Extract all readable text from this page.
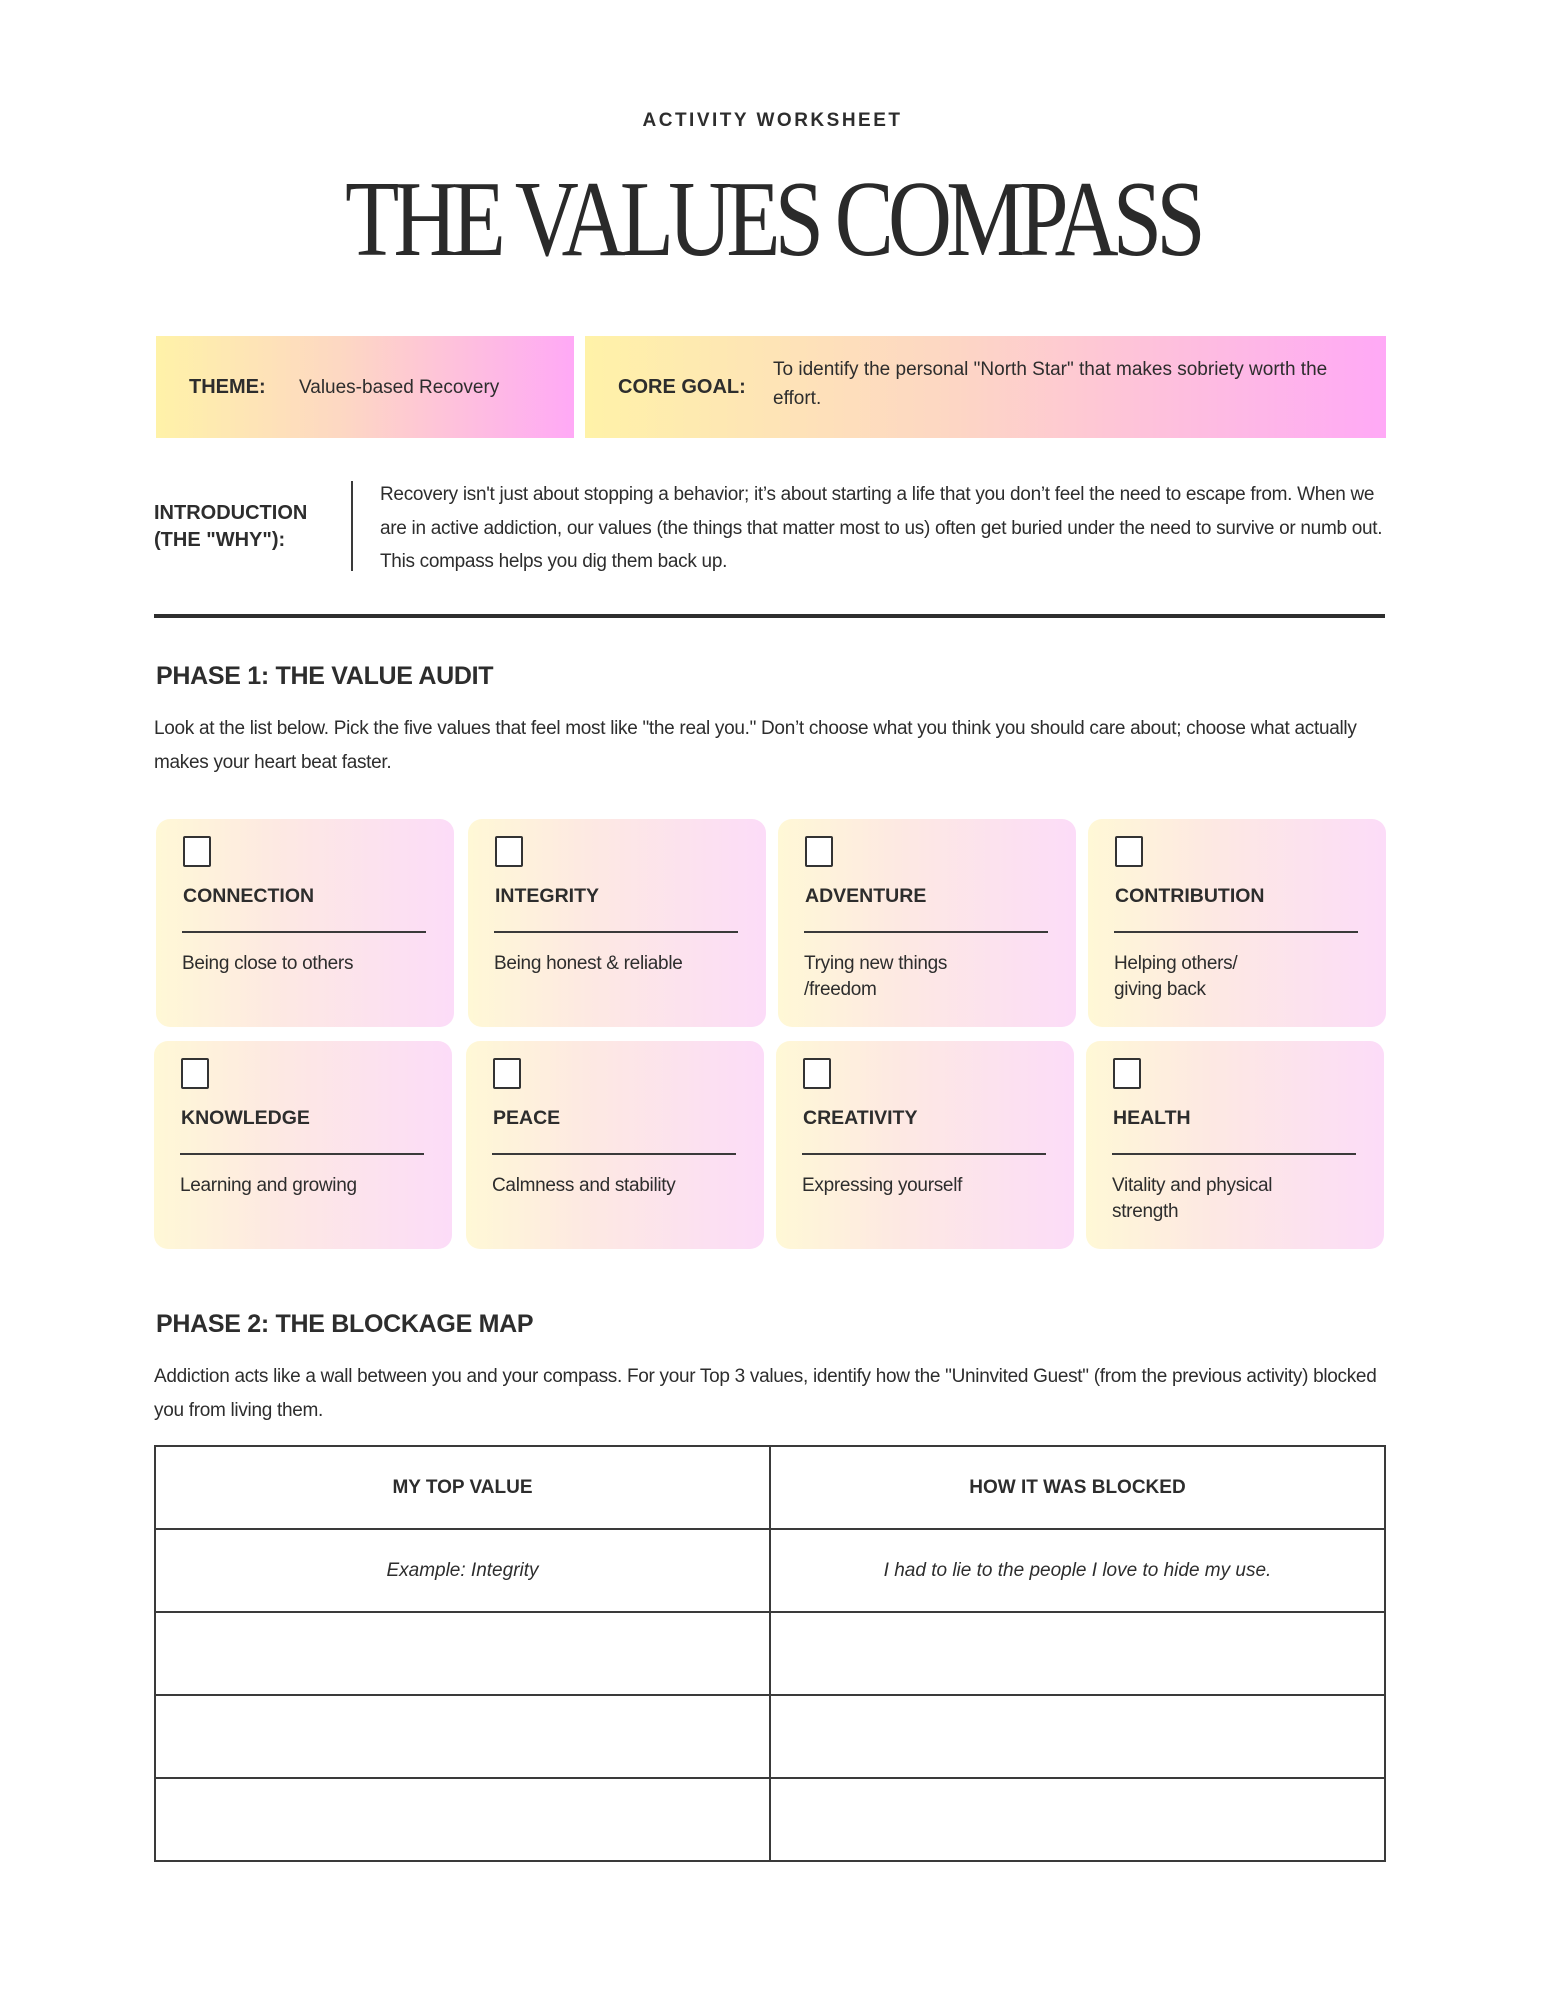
ACTIVITY WORKSHEET
THE VALUES COMPASS
THEME:	Values-based Recovery	CORE GOAL:
To identify the personal "North Star" that makes sobriety worth the effort.
INTRODUCTION
(THE "WHY"):

Recovery isn't just about stopping a behavior; it’s about starting a life that you don’t feel the need to escape from. When we are in active addiction, our values (the things that matter most to us) often get buried under the need to survive or numb out. This compass helps you dig them back up.

PHASE 1: THE VALUE AUDIT

Look at the list below. Pick the five values that feel most like "the real you." Don’t choose what you think you should care about; choose what actually makes your heart beat faster.

CONNECTION
Being close to others
INTEGRITY
Being honest & reliable
ADVENTURE
Trying new things /freedom
CONTRIBUTION
Helping others/ giving back
KNOWLEDGE
Learning and growing
PEACE
Calmness and stability
CREATIVITY
Expressing yourself
HEALTH
Vitality and physical strength
PHASE 2: THE BLOCKAGE MAP

Addiction acts like a wall between you and your compass. For your Top 3 values, identify how the "Uninvited Guest" (from the previous activity) blocked you from living them.

MY TOP VALUE	HOW IT WAS BLOCKED
Example: Integrity	I had to lie to the people I love to hide my use.
